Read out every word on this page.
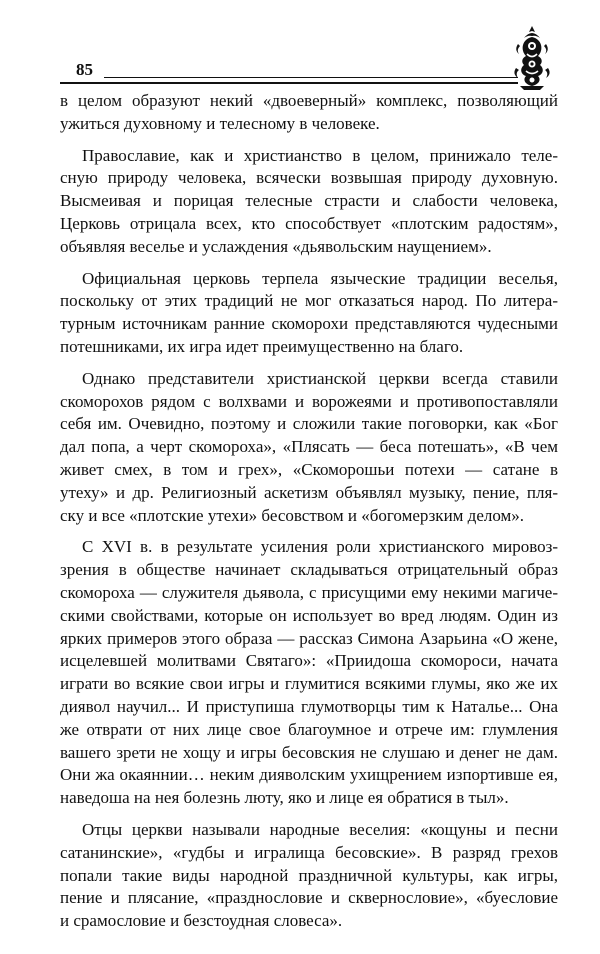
85
в целом образуют некий «двоеверный» комплекс, позволяющий
ужиться духовному и телесному в человеке.
Православие, как и христианство в целом, принижало теле-
сную природу человека, всячески возвышая природу духовную.
Высмеивая и порицая телесные страсти и слабости человека,
Церковь отрицала всех, кто способствует «плотским радостям»,
объявляя веселье и услаждения «дьявольским наущением».
Официальная церковь терпела языческие традиции веселья,
поскольку от этих традиций не мог отказаться народ. По литера-
турным источникам ранние скоморохи представляются чудесными
потешниками, их игра идет преимущественно на благо.
Однако представители христианской церкви всегда ставили
скоморохов рядом с волхвами и ворожеями и противопоставляли
себя им. Очевидно, поэтому и сложили такие поговорки, как «Бог
дал попа, а черт скомороха», «Плясать — беса потешать», «В чем
живет смех, в том и грех», «Скоморошьи потехи — сатане в
утеху» и др. Религиозный аскетизм объявлял музыку, пение, пля-
ску и все «плотские утехи» бесовством и «богомерзким делом».
С XVI в. в результате усиления роли христианского мировоз-
зрения в обществе начинает складываться отрицательный образ
скомороха — служителя дьявола, с присущими ему некими магиче-
скими свойствами, которые он использует во вред людям. Один из
ярких примеров этого образа — рассказ Симона Азарьина «О жене,
исцелевшей молитвами Святаго»: «Приидоша скомороси, начата
играти во всякие свои игры и глумитися всякими глумы, яко же их
диявол научил... И приступиша глумотворцы тим к Наталье... Она
же отврати от них лице свое благоумное и отрече им: глумления
вашего зрети не хощу и игры бесовския не слушаю и денег не дам.
Они жа окаяннии… неким дияволским ухищрением изпортивше ея,
наведоша на нея болезнь люту, яко и лице ея обратися в тыл».
Отцы церкви называли народные веселия: «кощуны и песни
сатанинские», «гудбы и игралища бесовские». В разряд грехов
попали такие виды народной праздничной культуры, как игры,
пение и плясание, «празднословие и сквернословие», «буесловие
и срамословие и безстоудная словеса».
